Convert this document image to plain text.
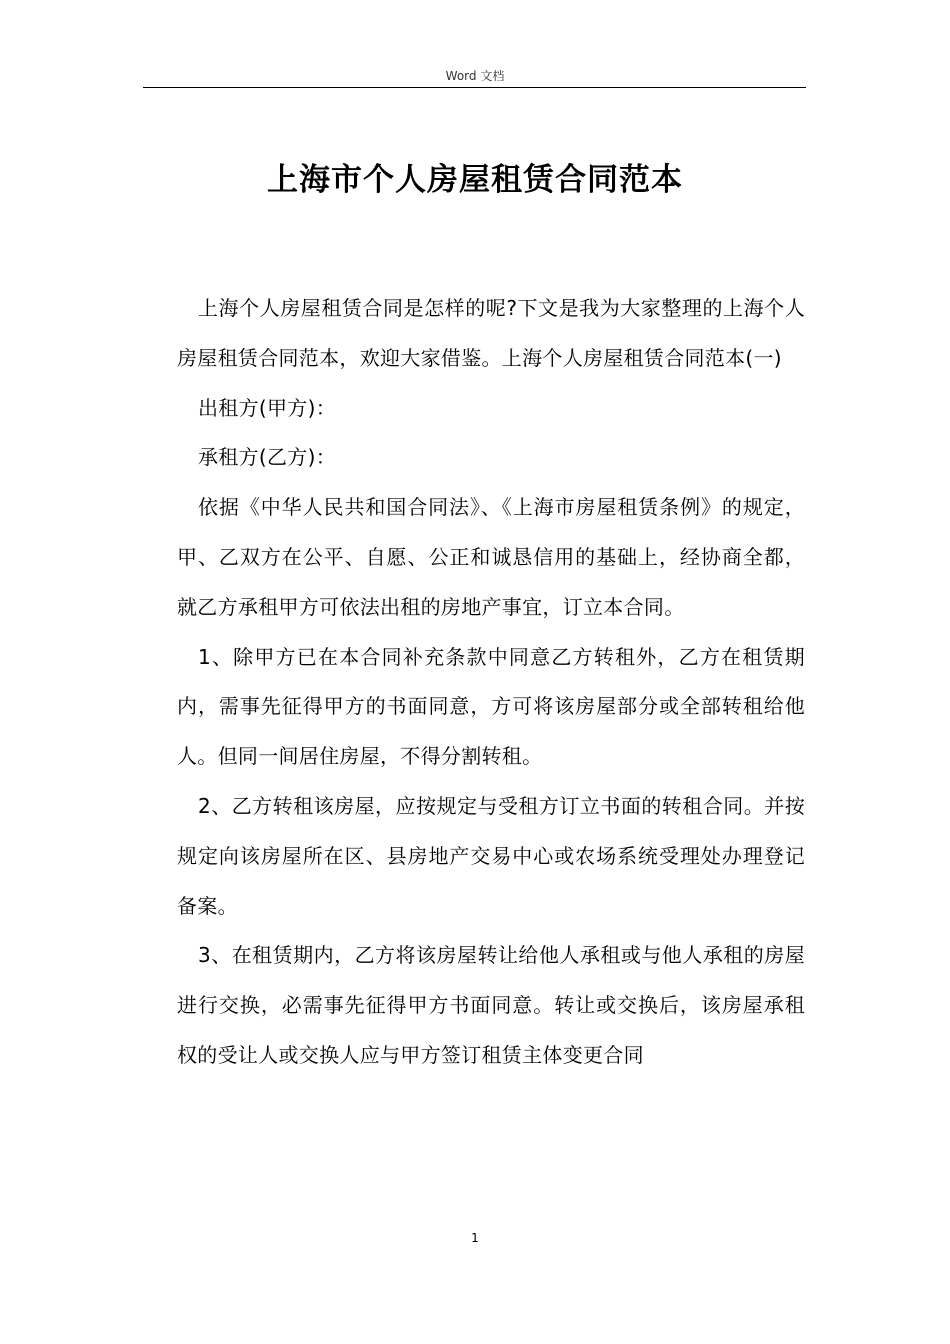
Word 文档
上海市个人房屋租赁合同范本

上海个人房屋租赁合同是怎样的呢?下文是我为大家整理的上海个人房屋租赁合同范本，欢迎大家借鉴。上海个人房屋租赁合同范本(一)

出租方(甲方)：

承租方(乙方)：

依据《中华人民共和国合同法》、《上海市房屋租赁条例》的规定，甲、乙双方在公平、自愿、公正和诚恳信用的基础上，经协商全都，就乙方承租甲方可依法出租的房地产事宜，订立本合同。

1、除甲方已在本合同补充条款中同意乙方转租外，乙方在租赁期内，需事先征得甲方的书面同意，方可将该房屋部分或全部转租给他人。但同一间居住房屋，不得分割转租。

2、乙方转租该房屋，应按规定与受租方订立书面的转租合同。并按规定向该房屋所在区、县房地产交易中心或农场系统受理处办理登记备案。

3、在租赁期内，乙方将该房屋转让给他人承租或与他人承租的房屋进行交换，必需事先征得甲方书面同意。转让或交换后，该房屋承租权的受让人或交换人应与甲方签订租赁主体变更合同

1
